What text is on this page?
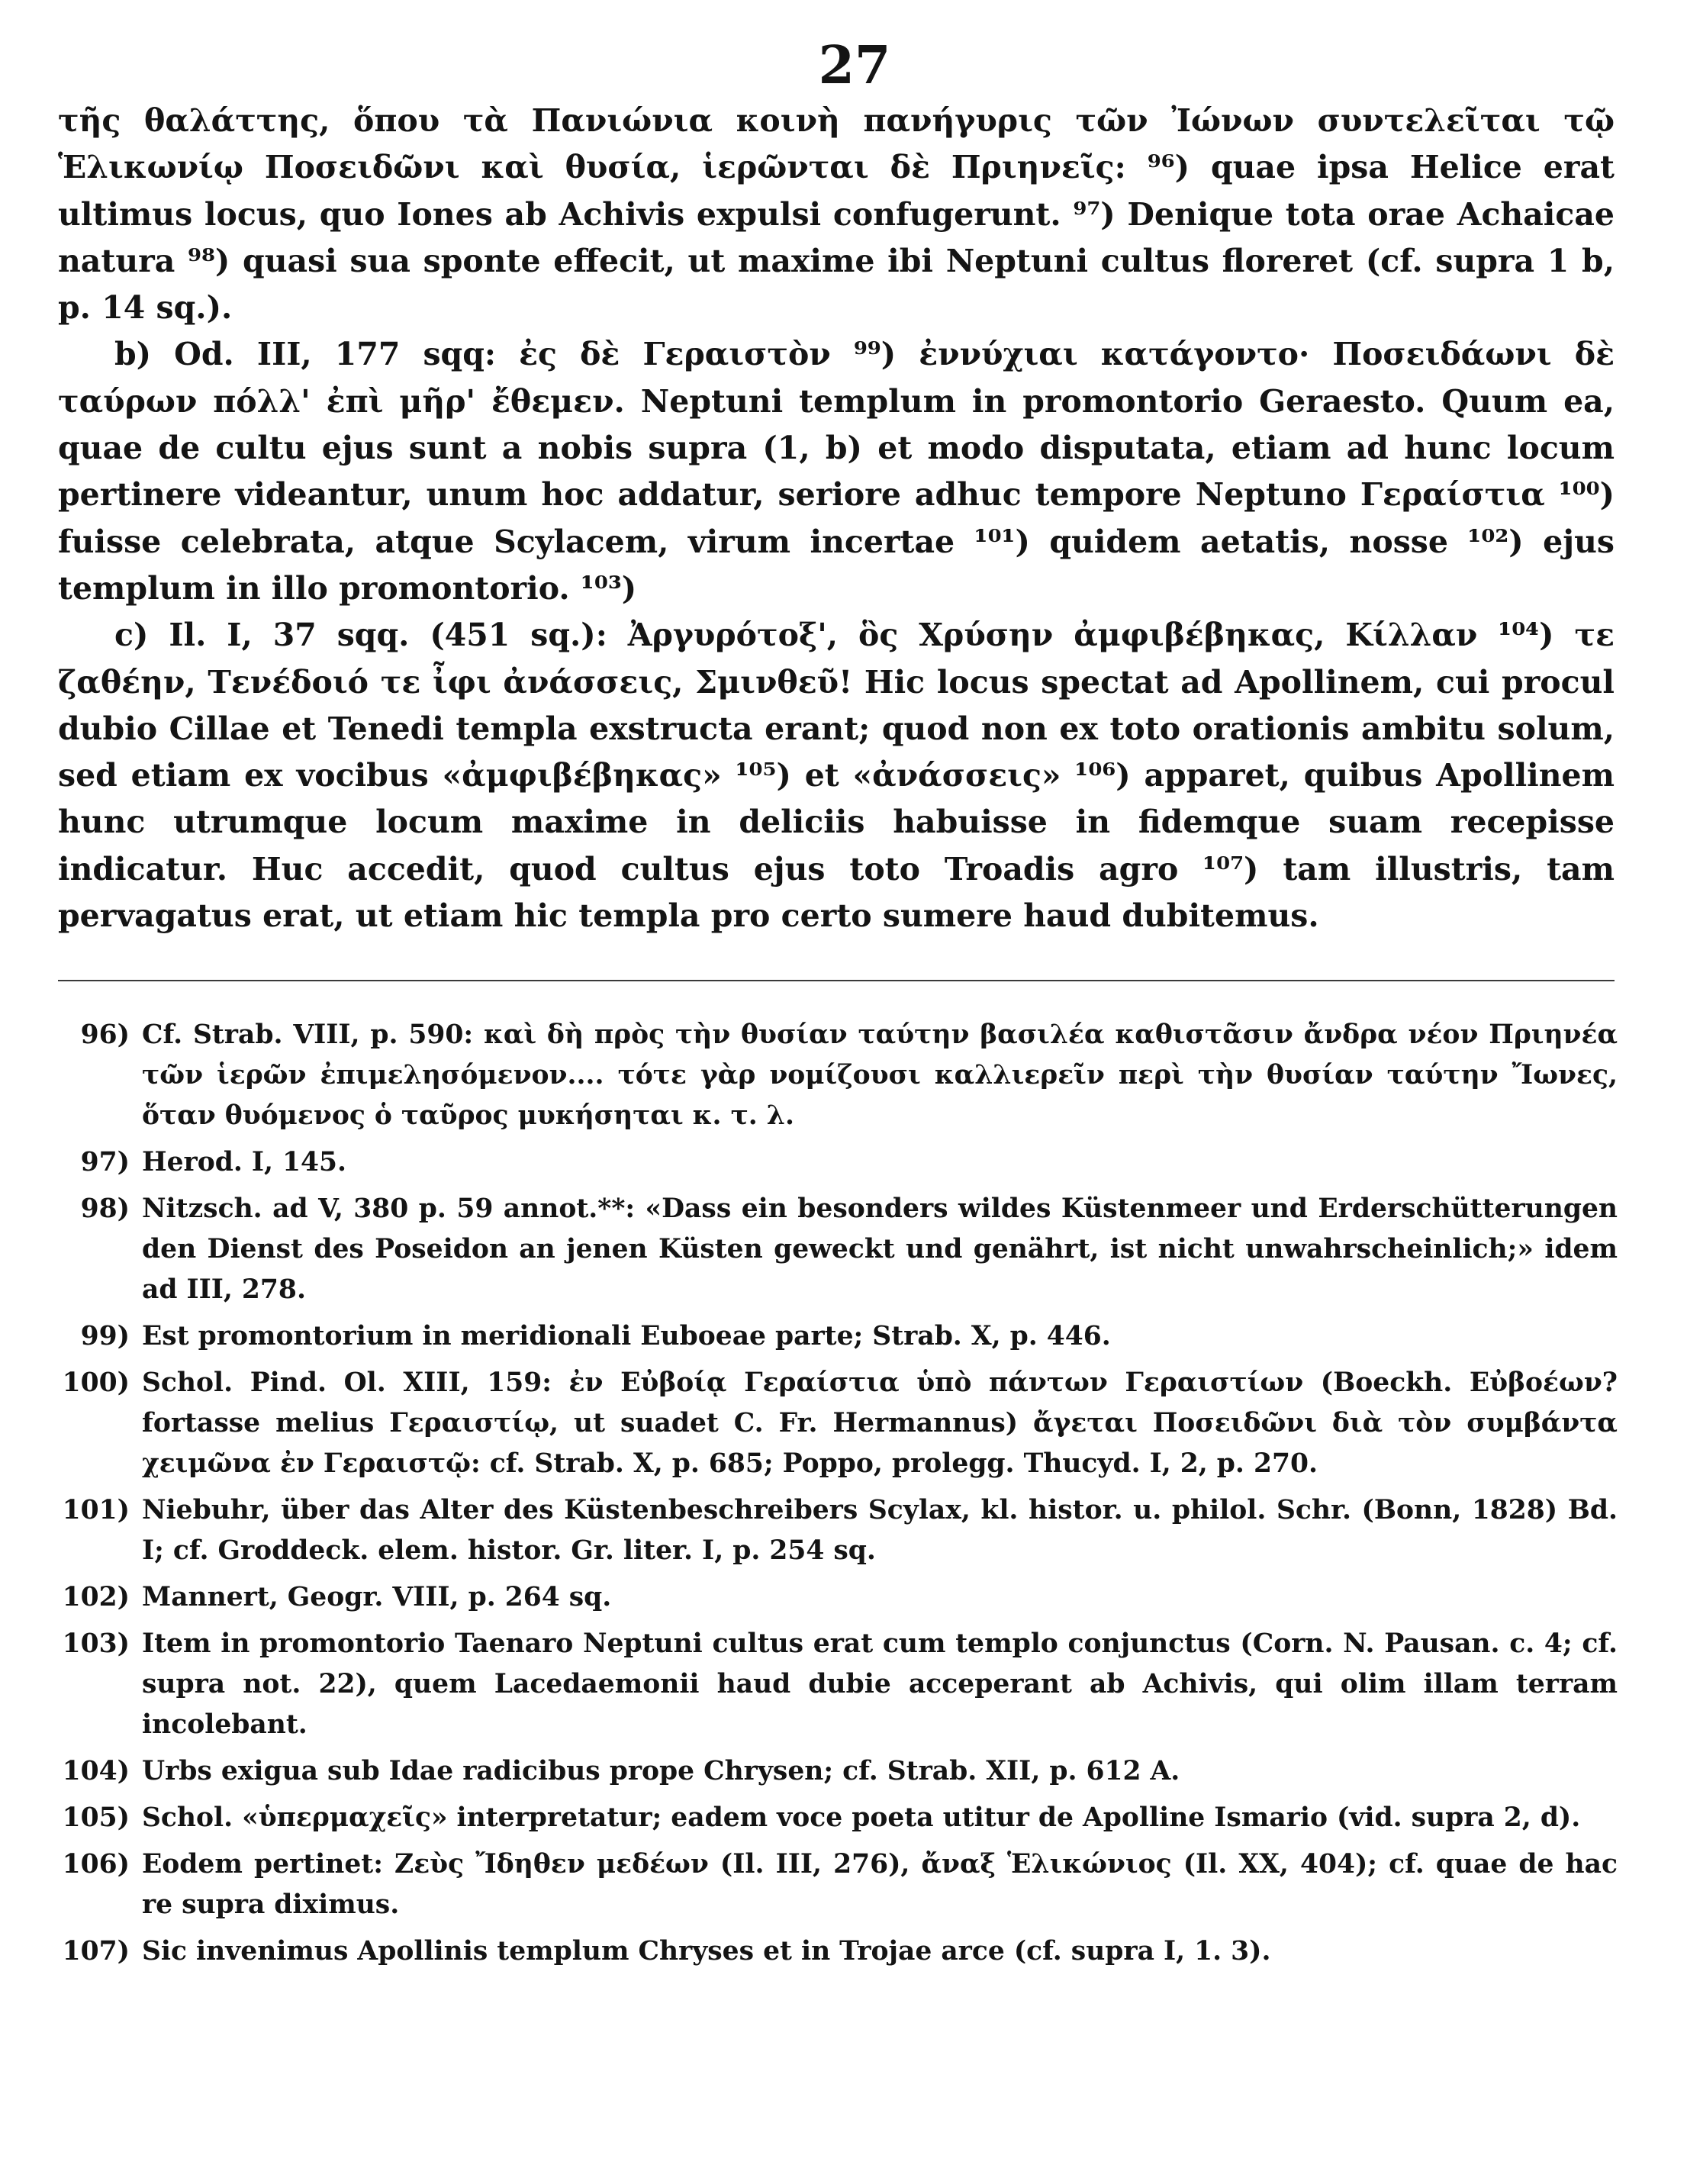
27

τῆς θαλάττης, ὅπου τὰ Πανιώνια κοινὴ πανήγυρις τῶν Ἰώνων συντελεῖται τῷ Ἑλικωνίῳ Ποσειδῶνι καὶ θυσία, ἱερῶνται δὲ Πριηνεῖς: ⁹⁶) quae ipsa Helice erat ultimus locus, quo Iones ab Achivis expulsi confugerunt. ⁹⁷) Denique tota orae Achaicae natura ⁹⁸) quasi sua sponte effecit, ut maxime ibi Neptuni cultus floreret (cf. supra 1 b, p. 14 sq.).

b) Od. III, 177 sqq: ἐς δὲ Γεραιστὸν ⁹⁹) ἐννύχιαι κατάγοντο· Ποσειδάωνι δὲ ταύρων πόλλ' ἐπὶ μῆρ' ἔθεμεν. Neptuni templum in promontorio Geraesto. Quum ea, quae de cultu ejus sunt a nobis supra (1, b) et modo disputata, etiam ad hunc locum pertinere videantur, unum hoc addatur, seriore adhuc tempore Neptuno Γεραίστια ¹⁰⁰) fuisse celebrata, atque Scylacem, virum incertae ¹⁰¹) quidem aetatis, nosse ¹⁰²) ejus templum in illo promontorio. ¹⁰³)

c) Il. I, 37 sqq. (451 sq.): Ἀργυρότοξ', ὃς Χρύσην ἀμφιβέβηκας, Κίλλαν ¹⁰⁴) τε ζαθέην, Τενέδοιό τε ἶφι ἀνάσσεις, Σμινθεῦ! Hic locus spectat ad Apollinem, cui procul dubio Cillae et Tenedi templa exstructa erant; quod non ex toto orationis ambitu solum, sed etiam ex vocibus «ἀμφιβέβηκας» ¹⁰⁵) et «ἀνάσσεις» ¹⁰⁶) apparet, quibus Apollinem hunc utrumque locum maxime in deliciis habuisse in fidemque suam recepisse indicatur. Huc accedit, quod cultus ejus toto Troadis agro ¹⁰⁷) tam illustris, tam pervagatus erat, ut etiam hic templa pro certo sumere haud dubitemus.

96) Cf. Strab. VIII, p. 590: καὶ δὴ πρὸς τὴν θυσίαν ταύτην βασιλέα καθιστᾶσιν ἄνδρα νέον Πριηνέα τῶν ἱερῶν ἐπιμελησόμενον.... τότε γὰρ νομίζουσι καλλιερεῖν περὶ τὴν θυσίαν ταύτην Ἴωνες, ὅταν θυόμενος ὁ ταῦρος μυκήσηται κ. τ. λ.
97) Herod. I, 145.
98) Nitzsch. ad V, 380 p. 59 annot.**: «Dass ein besonders wildes Küstenmeer und Erderschütterungen den Dienst des Poseidon an jenen Küsten geweckt und genährt, ist nicht unwahrscheinlich;» idem ad III, 278.
99) Est promontorium in meridionali Euboeae parte; Strab. X, p. 446.
100) Schol. Pind. Ol. XIII, 159: ἐν Εὐβοίᾳ Γεραίστια ὑπὸ πάντων Γεραιστίων (Boeckh. Εὐβοέων? fortasse melius Γεραιστίῳ, ut suadet C. Fr. Hermannus) ἄγεται Ποσειδῶνι διὰ τὸν συμβάντα χειμῶνα ἐν Γεραιστῷ: cf. Strab. X, p. 685; Poppo, prolegg. Thucyd. I, 2, p. 270.
101) Niebuhr, über das Alter des Küstenbeschreibers Scylax, kl. histor. u. philol. Schr. (Bonn, 1828) Bd. I; cf. Groddeck. elem. histor. Gr. liter. I, p. 254 sq.
102) Mannert, Geogr. VIII, p. 264 sq.
103) Item in promontorio Taenaro Neptuni cultus erat cum templo conjunctus (Corn. N. Pausan. c. 4; cf. supra not. 22), quem Lacedaemonii haud dubie acceperant ab Achivis, qui olim illam terram incolebant.
104) Urbs exigua sub Idae radicibus prope Chrysen; cf. Strab. XII, p. 612 A.
105) Schol. «ὑπερμαχεῖς» interpretatur; eadem voce poeta utitur de Apolline Ismario (vid. supra 2, d).
106) Eodem pertinet: Ζεὺς Ἴδηθεν μεδέων (Il. III, 276), ἄναξ Ἑλικώνιος (Il. XX, 404); cf. quae de hac re supra diximus.
107) Sic invenimus Apollinis templum Chryses et in Trojae arce (cf. supra I, 1. 3).
